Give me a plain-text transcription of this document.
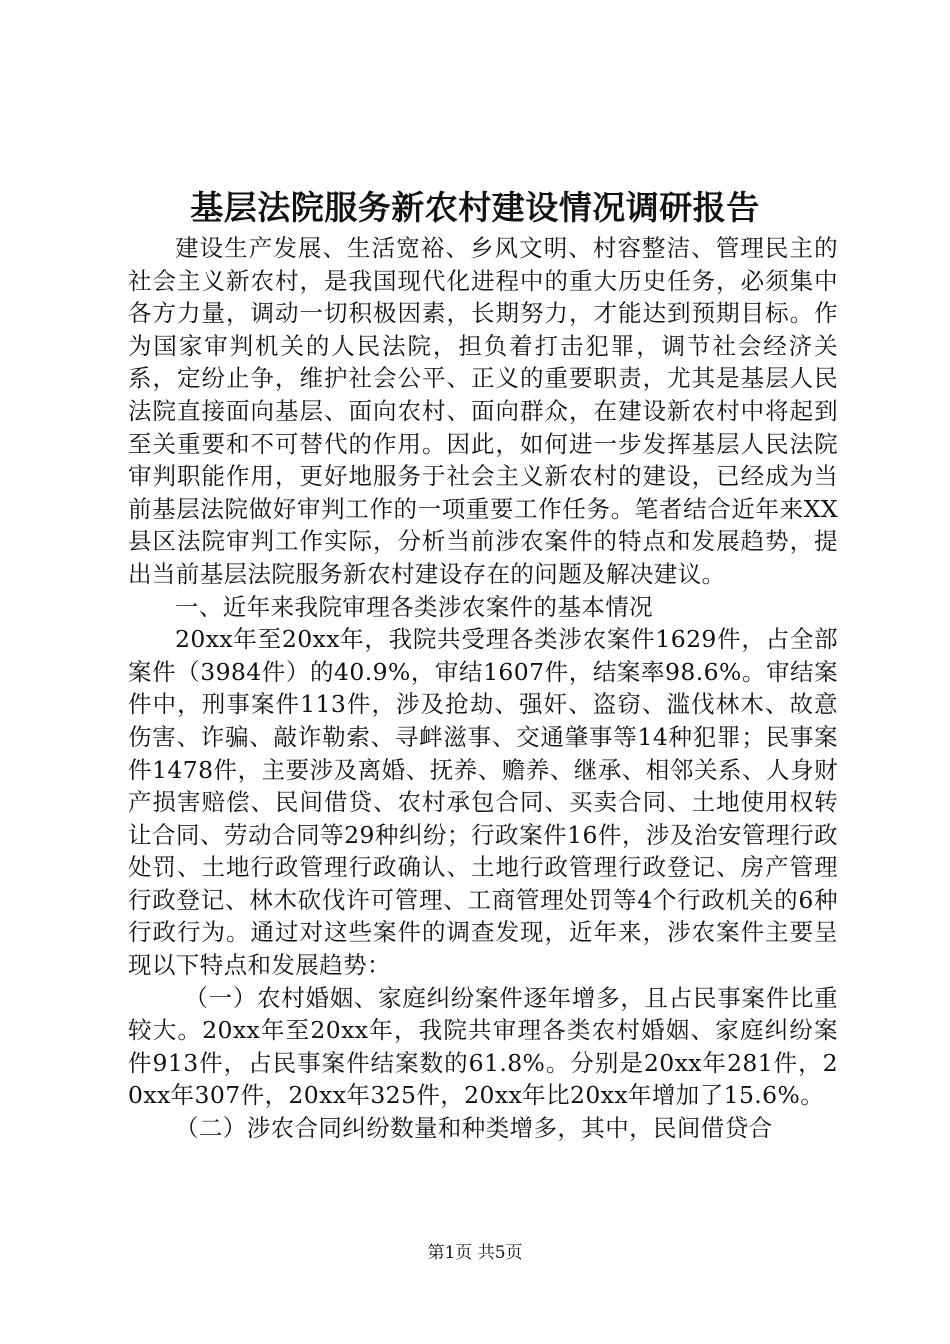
基层法院服务新农村建设情况调研报告

建设生产发展、生活宽裕、乡风文明、村容整洁、管理民主的社会主义新农村，是我国现代化进程中的重大历史任务，必须集中各方力量，调动一切积极因素，长期努力，才能达到预期目标。作为国家审判机关的人民法院，担负着打击犯罪，调节社会经济关系，定纷止争，维护社会公平、正义的重要职责，尤其是基层人民法院直接面向基层、面向农村、面向群众，在建设新农村中将起到至关重要和不可替代的作用。因此，如何进一步发挥基层人民法院审判职能作用，更好地服务于社会主义新农村的建设，已经成为当前基层法院做好审判工作的一项重要工作任务。笔者结合近年来XX县区法院审判工作实际，分析当前涉农案件的特点和发展趋势，提出当前基层法院服务新农村建设存在的问题及解决建议。

一、近年来我院审理各类涉农案件的基本情况

20xx年至20xx年，我院共受理各类涉农案件1629件，占全部案件（3984件）的40.9%，审结1607件，结案率98.6%。审结案件中，刑事案件113件，涉及抢劫、强奸、盗窃、滥伐林木、故意伤害、诈骗、敲诈勒索、寻衅滋事、交通肇事等14种犯罪；民事案件1478件，主要涉及离婚、抚养、赡养、继承、相邻关系、人身财产损害赔偿、民间借贷、农村承包合同、买卖合同、土地使用权转让合同、劳动合同等29种纠纷；行政案件16件，涉及治安管理行政处罚、土地行政管理行政确认、土地行政管理行政登记、房产管理行政登记、林木砍伐许可管理、工商管理处罚等4个行政机关的6种行政行为。通过对这些案件的调查发现，近年来，涉农案件主要呈现以下特点和发展趋势：

（一）农村婚姻、家庭纠纷案件逐年增多，且占民事案件比重较大。20xx年至20xx年，我院共审理各类农村婚姻、家庭纠纷案件913件，占民事案件结案数的61.8%。分别是20xx年281件，20xx年307件，20xx年325件，20xx年比20xx年增加了15.6%。

（二）涉农合同纠纷数量和种类增多，其中，民间借贷合

第1页 共5页
